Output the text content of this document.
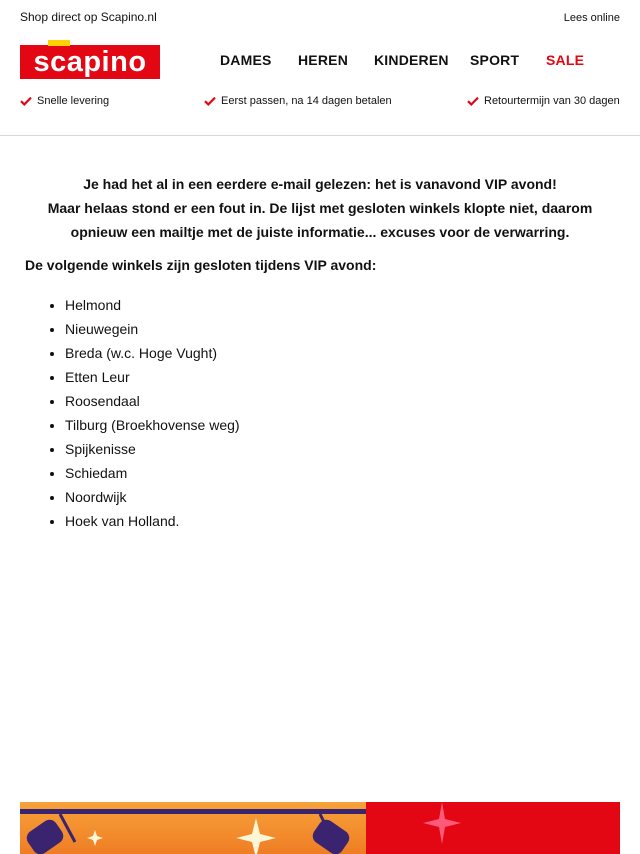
Shop direct op Scapino.nl	Lees online
scapino	DAMES HEREN KINDEREN SPORT SALE
Snelle levering	Eerst passen, na 14 dagen betalen	Retourtermijn van 30 dagen
Je had het al in een eerdere e-mail gelezen: het is vanavond VIP avond!
Maar helaas stond er een fout in. De lijst met gesloten winkels klopte niet, daarom opnieuw een mailtje met de juiste informatie... excuses voor de verwarring.
De volgende winkels zijn gesloten tijdens VIP avond:
• Helmond
• Nieuwegein
• Breda (w.c. Hoge Vught)
• Etten Leur
• Roosendaal
• Tilburg (Broekhovense weg)
• Spijkenisse
• Schiedam
• Noordwijk
• Hoek van Holland.
